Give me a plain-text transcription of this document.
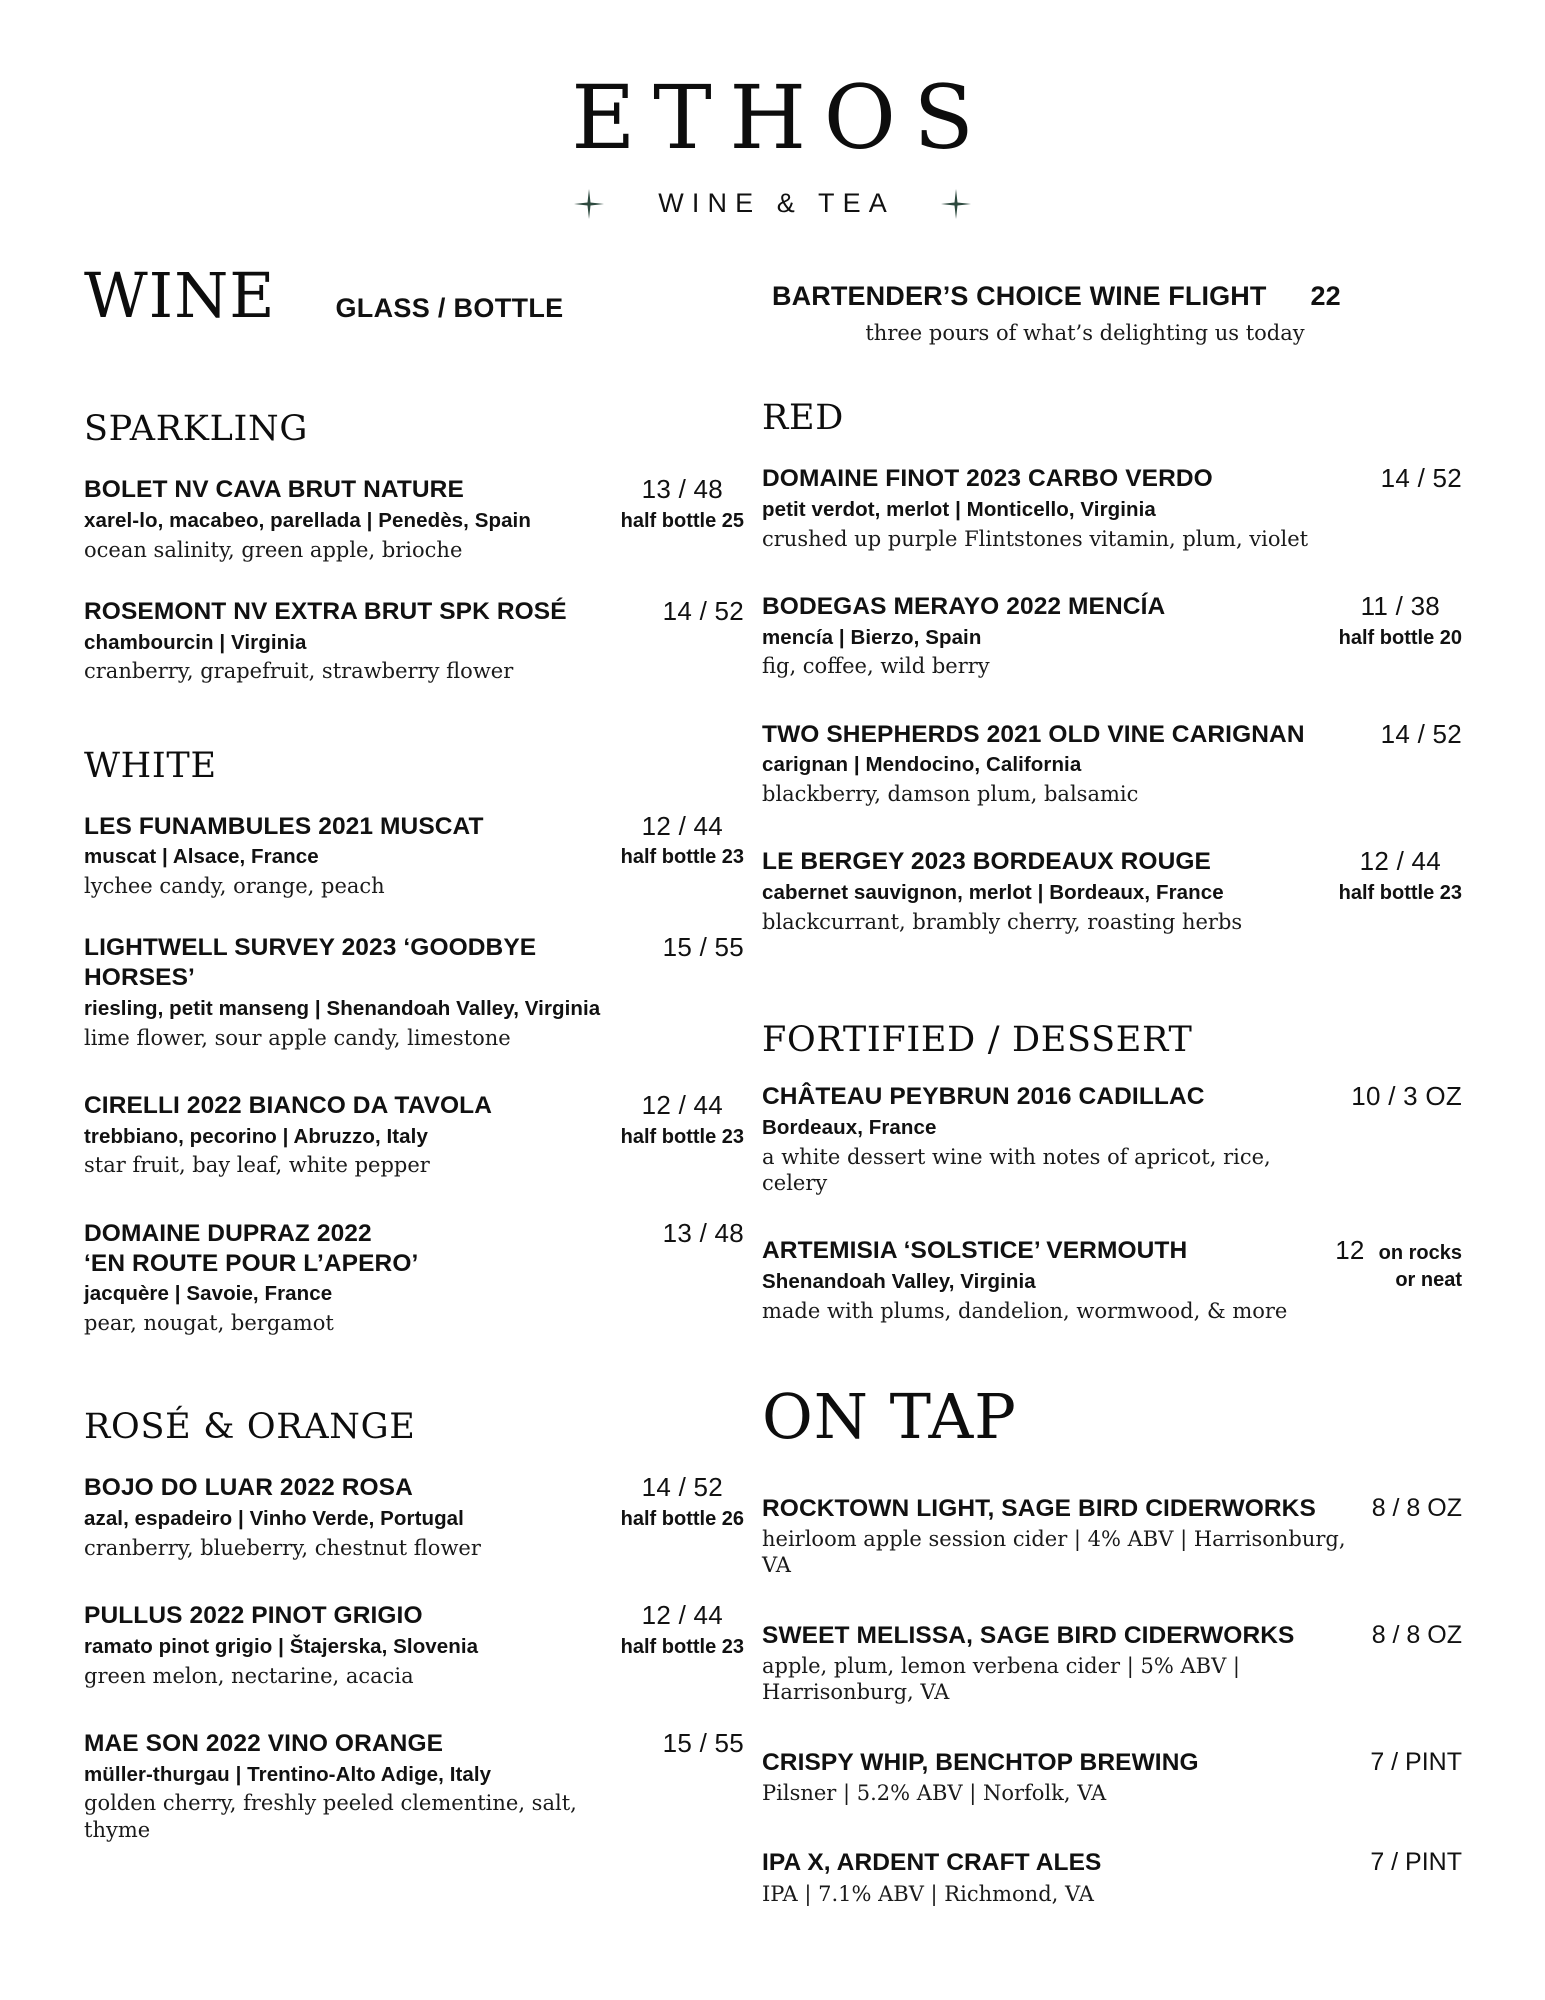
ETHOS
WINE & TEA
WINE GLASS / BOTTLE
SPARKLING
BOLET NV CAVA BRUT NATURE
xarel-lo, macabeo, parellada | Penedès, Spain
ocean salinity, green apple, brioche
13 / 48
half bottle 25
ROSEMONT NV EXTRA BRUT SPK ROSÉ
chambourcin | Virginia
cranberry, grapefruit, strawberry flower
14 / 52
WHITE
LES FUNAMBULES 2021 MUSCAT
muscat | Alsace, France
lychee candy, orange, peach
12 / 44
half bottle 23
LIGHTWELL SURVEY 2023 ‘GOODBYE HORSES’
riesling, petit manseng | Shenandoah Valley, Virginia
lime flower, sour apple candy, limestone
15 / 55
CIRELLI 2022 BIANCO DA TAVOLA
trebbiano, pecorino | Abruzzo, Italy
star fruit, bay leaf, white pepper
12 / 44
half bottle 23
DOMAINE DUPRAZ 2022
‘EN ROUTE POUR L’APERO’
jacquère | Savoie, France
pear, nougat, bergamot
13 / 48
ROSÉ & ORANGE
BOJO DO LUAR 2022 ROSA
azal, espadeiro | Vinho Verde, Portugal
cranberry, blueberry, chestnut flower
14 / 52
half bottle 26
PULLUS 2022 PINOT GRIGIO
ramato pinot grigio | Štajerska, Slovenia
green melon, nectarine, acacia
12 / 44
half bottle 23
MAE SON 2022 VINO ORANGE
müller-thurgau | Trentino-Alto Adige, Italy
golden cherry, freshly peeled clementine, salt, thyme
15 / 55
BARTENDER’S CHOICE WINE FLIGHT 22
three pours of what’s delighting us today
RED
DOMAINE FINOT 2023 CARBO VERDO
petit verdot, merlot | Monticello, Virginia
crushed up purple Flintstones vitamin, plum, violet
14 / 52
BODEGAS MERAYO 2022 MENCÍA
mencía | Bierzo, Spain
fig, coffee, wild berry
11 / 38
half bottle 20
TWO SHEPHERDS 2021 OLD VINE CARIGNAN
carignan | Mendocino, California
blackberry, damson plum, balsamic
14 / 52
LE BERGEY 2023 BORDEAUX ROUGE
cabernet sauvignon, merlot | Bordeaux, France
blackcurrant, brambly cherry, roasting herbs
12 / 44
half bottle 23
FORTIFIED / DESSERT
CHÂTEAU PEYBRUN 2016 CADILLAC
Bordeaux, France
a white dessert wine with notes of apricot, rice, celery
10 / 3 OZ
ARTEMISIA ‘SOLSTICE’ VERMOUTH
Shenandoah Valley, Virginia
made with plums, dandelion, wormwood, & more
12 on rocks
or neat
ON TAP
ROCKTOWN LIGHT, SAGE BIRD CIDERWORKS
heirloom apple session cider | 4% ABV | Harrisonburg, VA
8 / 8 OZ
SWEET MELISSA, SAGE BIRD CIDERWORKS
apple, plum, lemon verbena cider | 5% ABV | Harrisonburg, VA
8 / 8 OZ
CRISPY WHIP, BENCHTOP BREWING
Pilsner | 5.2% ABV | Norfolk, VA
7 / PINT
IPA X, ARDENT CRAFT ALES
IPA | 7.1% ABV | Richmond, VA
7 / PINT
